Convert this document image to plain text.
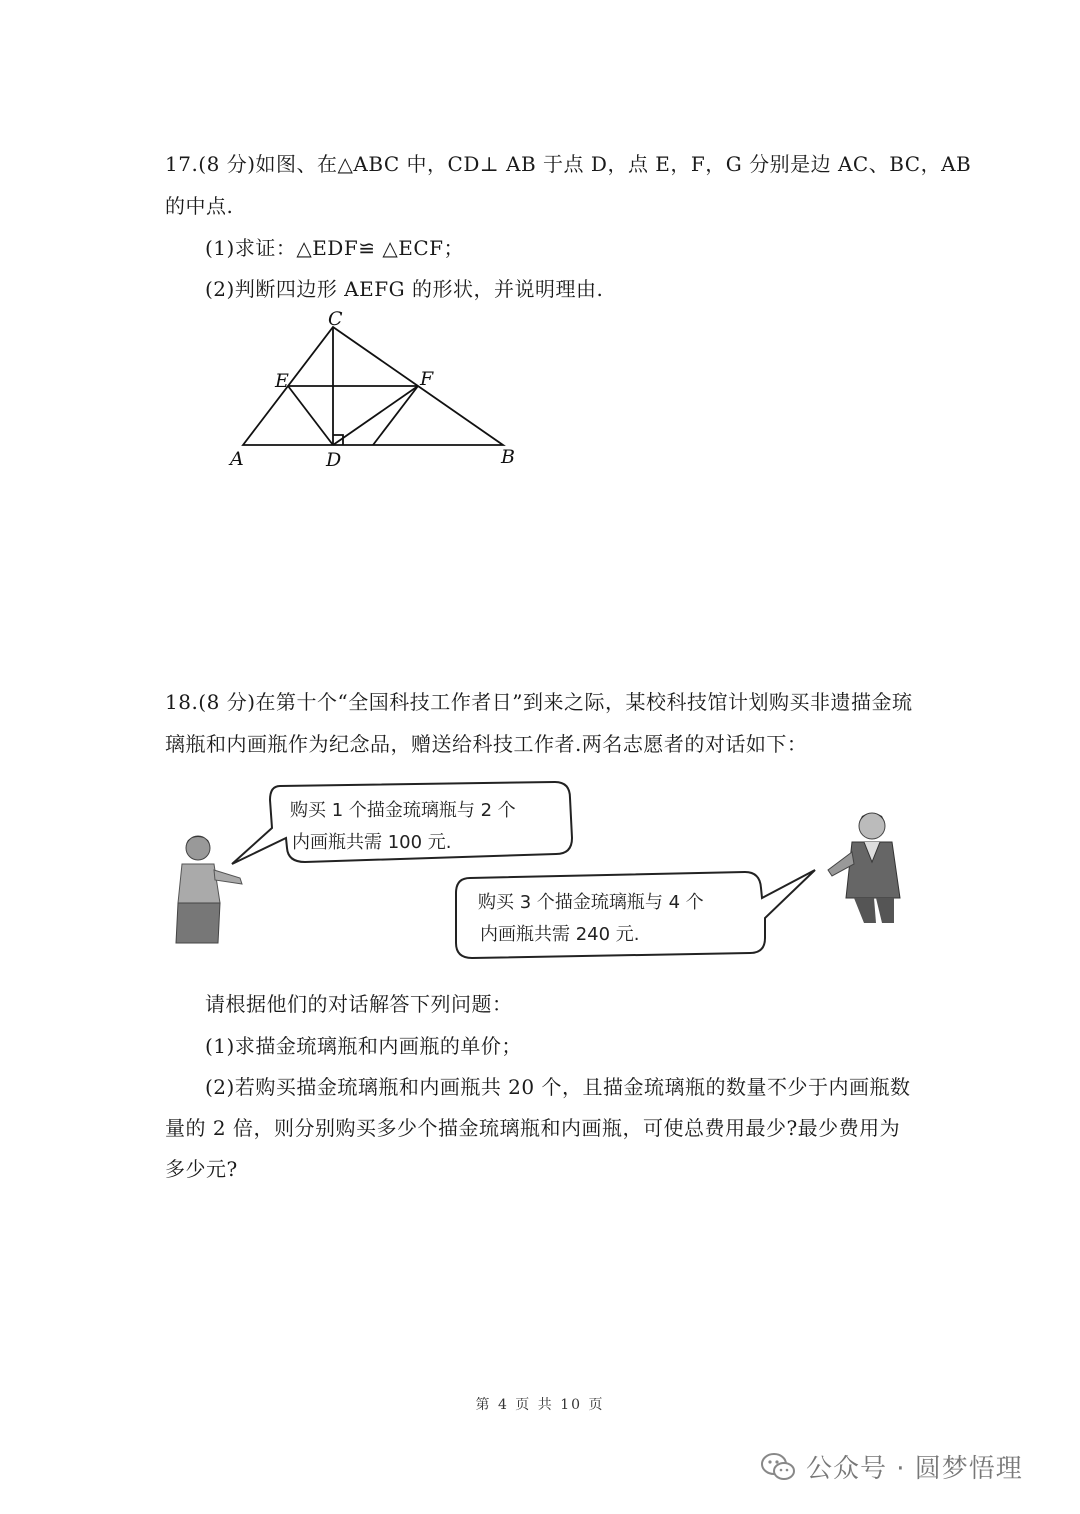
17.(8 分)如图、在△ABC 中，CD⊥ AB 于点 D，点 E，F，G 分别是边 AC、BC，AB
的中点.
(1)求证：△EDF≌ △ECF；
(2)判断四边形 AEFG 的形状，并说明理由.
C
E	F
A	D	B
18.(8 分)在第十个“全国科技工作者日”到来之际，某校科技馆计划购买非遗描金琉
璃瓶和内画瓶作为纪念品，赠送给科技工作者.两名志愿者的对话如下：
购买 1 个描金琉璃瓶与 2 个
内画瓶共需 100 元.
购买 3 个描金琉璃瓶与 4 个
内画瓶共需 240 元.
请根据他们的对话解答下列问题：
(1)求描金琉璃瓶和内画瓶的单价；
(2)若购买描金琉璃瓶和内画瓶共 20 个，且描金琉璃瓶的数量不少于内画瓶数
量的 2 倍，则分别购买多少个描金琉璃瓶和内画瓶，可使总费用最少?最少费用为
多少元?
第 4 页 共 10 页
公众号 · 圆梦悟理
